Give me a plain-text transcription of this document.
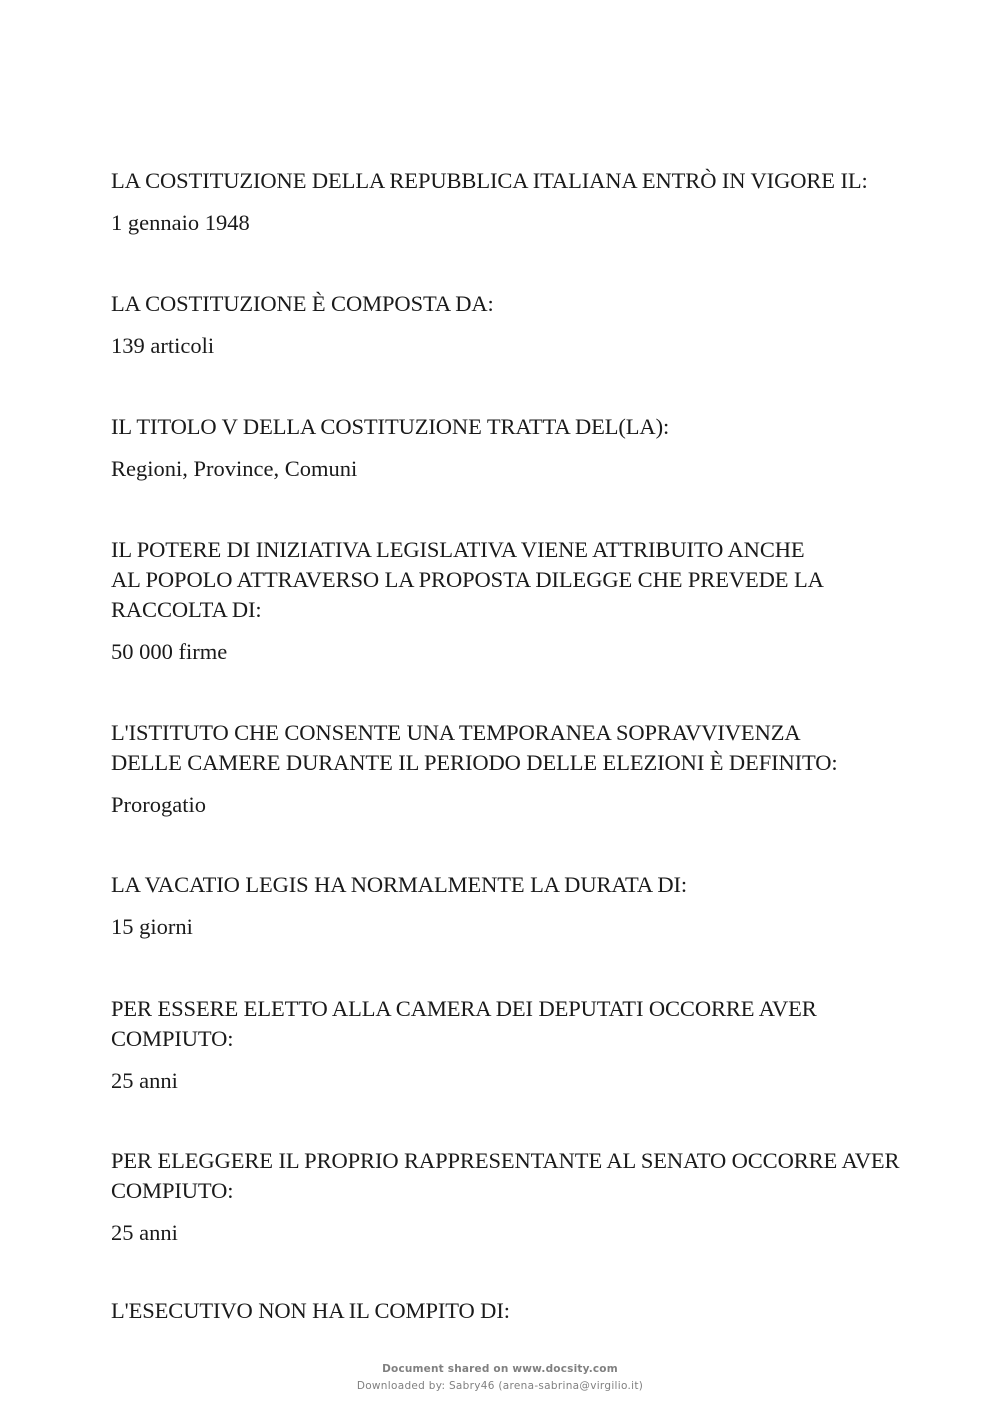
LA COSTITUZIONE DELLA REPUBBLICA ITALIANA ENTRÒ IN VIGORE IL:

1 gennaio 1948

LA COSTITUZIONE È COMPOSTA DA:

139 articoli

IL TITOLO V DELLA COSTITUZIONE TRATTA DEL(LA):

Regioni, Province, Comuni

IL POTERE DI INIZIATIVA LEGISLATIVA VIENE ATTRIBUITO ANCHE
AL POPOLO ATTRAVERSO LA PROPOSTA DILEGGE CHE PREVEDE LA
RACCOLTA DI:

50 000 firme

L'ISTITUTO CHE CONSENTE UNA TEMPORANEA SOPRAVVIVENZA
DELLE CAMERE DURANTE IL PERIODO DELLE ELEZIONI È DEFINITO:

Prorogatio

LA VACATIO LEGIS HA NORMALMENTE LA DURATA DI:

15 giorni

PER ESSERE ELETTO ALLA CAMERA DEI DEPUTATI OCCORRE AVER
COMPIUTO:

25 anni

PER ELEGGERE IL PROPRIO RAPPRESENTANTE AL SENATO OCCORRE AVER
COMPIUTO:

25 anni

L'ESECUTIVO NON HA IL COMPITO DI:

Document shared on www.docsity.com
Downloaded by: Sabry46 (arena-sabrina@virgilio.it)
